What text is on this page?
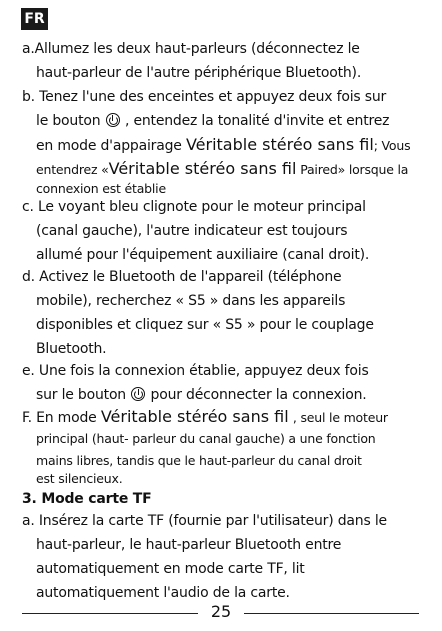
FR
a.Allumez les deux haut-parleurs (déconnectez le
haut-parleur de l'autre périphérique Bluetooth).
b. Tenez l'une des enceintes et appuyez deux fois sur
le bouton , entendez la tonalité d'invite et entrez
en mode d'appairage Véritable stéréo sans fil; Vous
entendrez «Véritable stéréo sans fil Paired» lorsque la
connexion est établie
c. Le voyant bleu clignote pour le moteur principal
(canal gauche), l'autre indicateur est toujours
allumé pour l'équipement auxiliaire (canal droit).
d. Activez le Bluetooth de l'appareil (téléphone
mobile), recherchez « S5 » dans les appareils
disponibles et cliquez sur « S5 » pour le couplage
Bluetooth.
e. Une fois la connexion établie, appuyez deux fois
sur le bouton pour déconnecter la connexion.
F. En mode Véritable stéréo sans fil , seul le moteur
principal (haut- parleur du canal gauche) a une fonction
mains libres, tandis que le haut-parleur du canal droit
est silencieux.
3. Mode carte TF
a. Insérez la carte TF (fournie par l'utilisateur) dans le
haut-parleur, le haut-parleur Bluetooth entre
automatiquement en mode carte TF, lit
automatiquement l'audio de la carte.
25
